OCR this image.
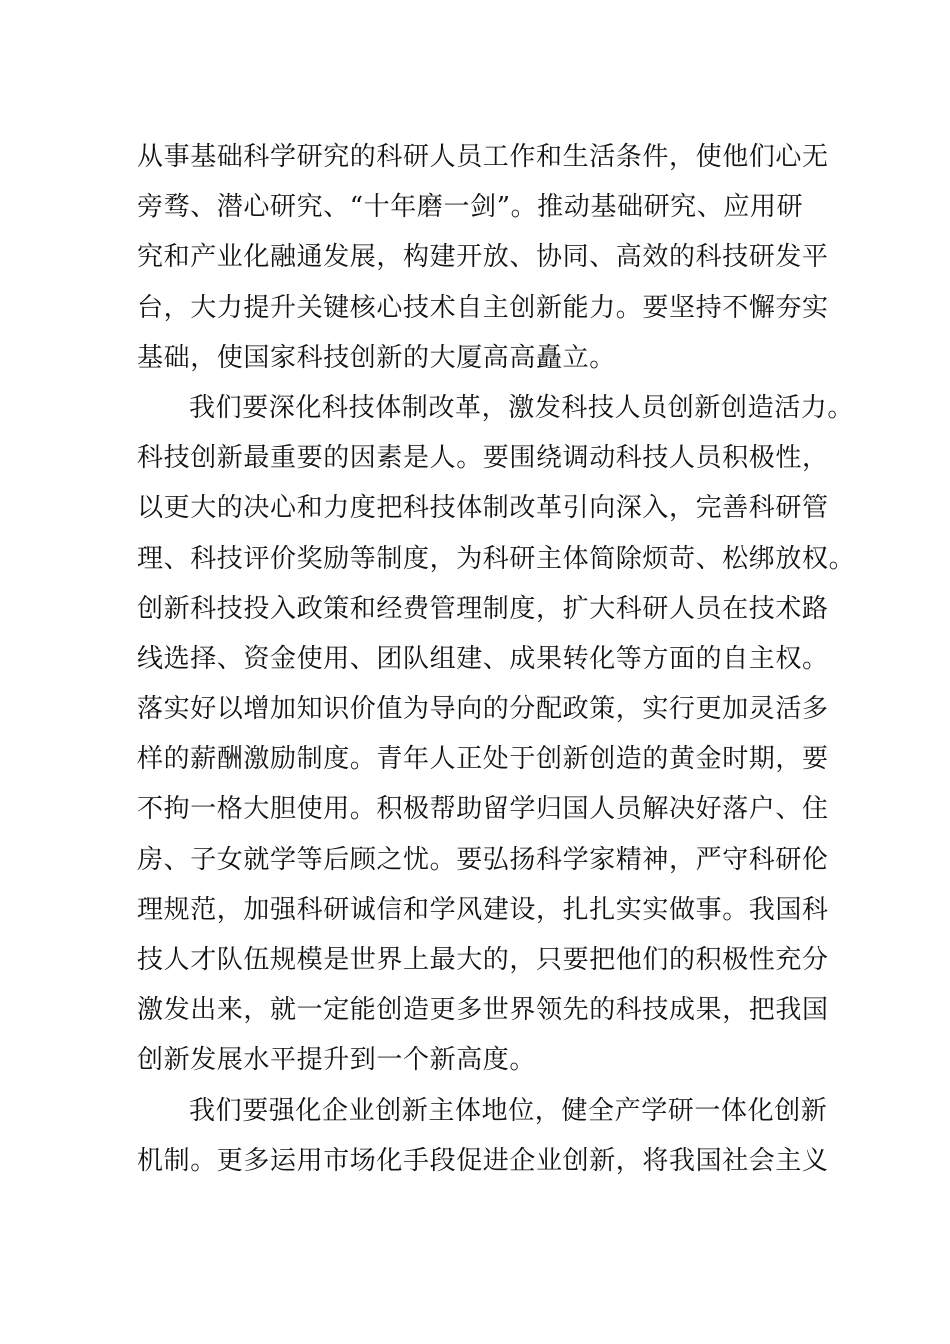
从事基础科学研究的科研人员工作和生活条件，使他们心无
旁骛、潜心研究、“十年磨一剑”。推动基础研究、应用研
究和产业化融通发展，构建开放、协同、高效的科技研发平
台，大力提升关键核心技术自主创新能力。要坚持不懈夯实
基础，使国家科技创新的大厦高高矗立。
我们要深化科技体制改革，激发科技人员创新创造活力。
科技创新最重要的因素是人。要围绕调动科技人员积极性，
以更大的决心和力度把科技体制改革引向深入，完善科研管
理、科技评价奖励等制度，为科研主体简除烦苛、松绑放权。
创新科技投入政策和经费管理制度，扩大科研人员在技术路
线选择、资金使用、团队组建、成果转化等方面的自主权。
落实好以增加知识价值为导向的分配政策，实行更加灵活多
样的薪酬激励制度。青年人正处于创新创造的黄金时期，要
不拘一格大胆使用。积极帮助留学归国人员解决好落户、住
房、子女就学等后顾之忧。要弘扬科学家精神，严守科研伦
理规范，加强科研诚信和学风建设，扎扎实实做事。我国科
技人才队伍规模是世界上最大的，只要把他们的积极性充分
激发出来，就一定能创造更多世界领先的科技成果，把我国
创新发展水平提升到一个新高度。
我们要强化企业创新主体地位，健全产学研一体化创新
机制。更多运用市场化手段促进企业创新，将我国社会主义
